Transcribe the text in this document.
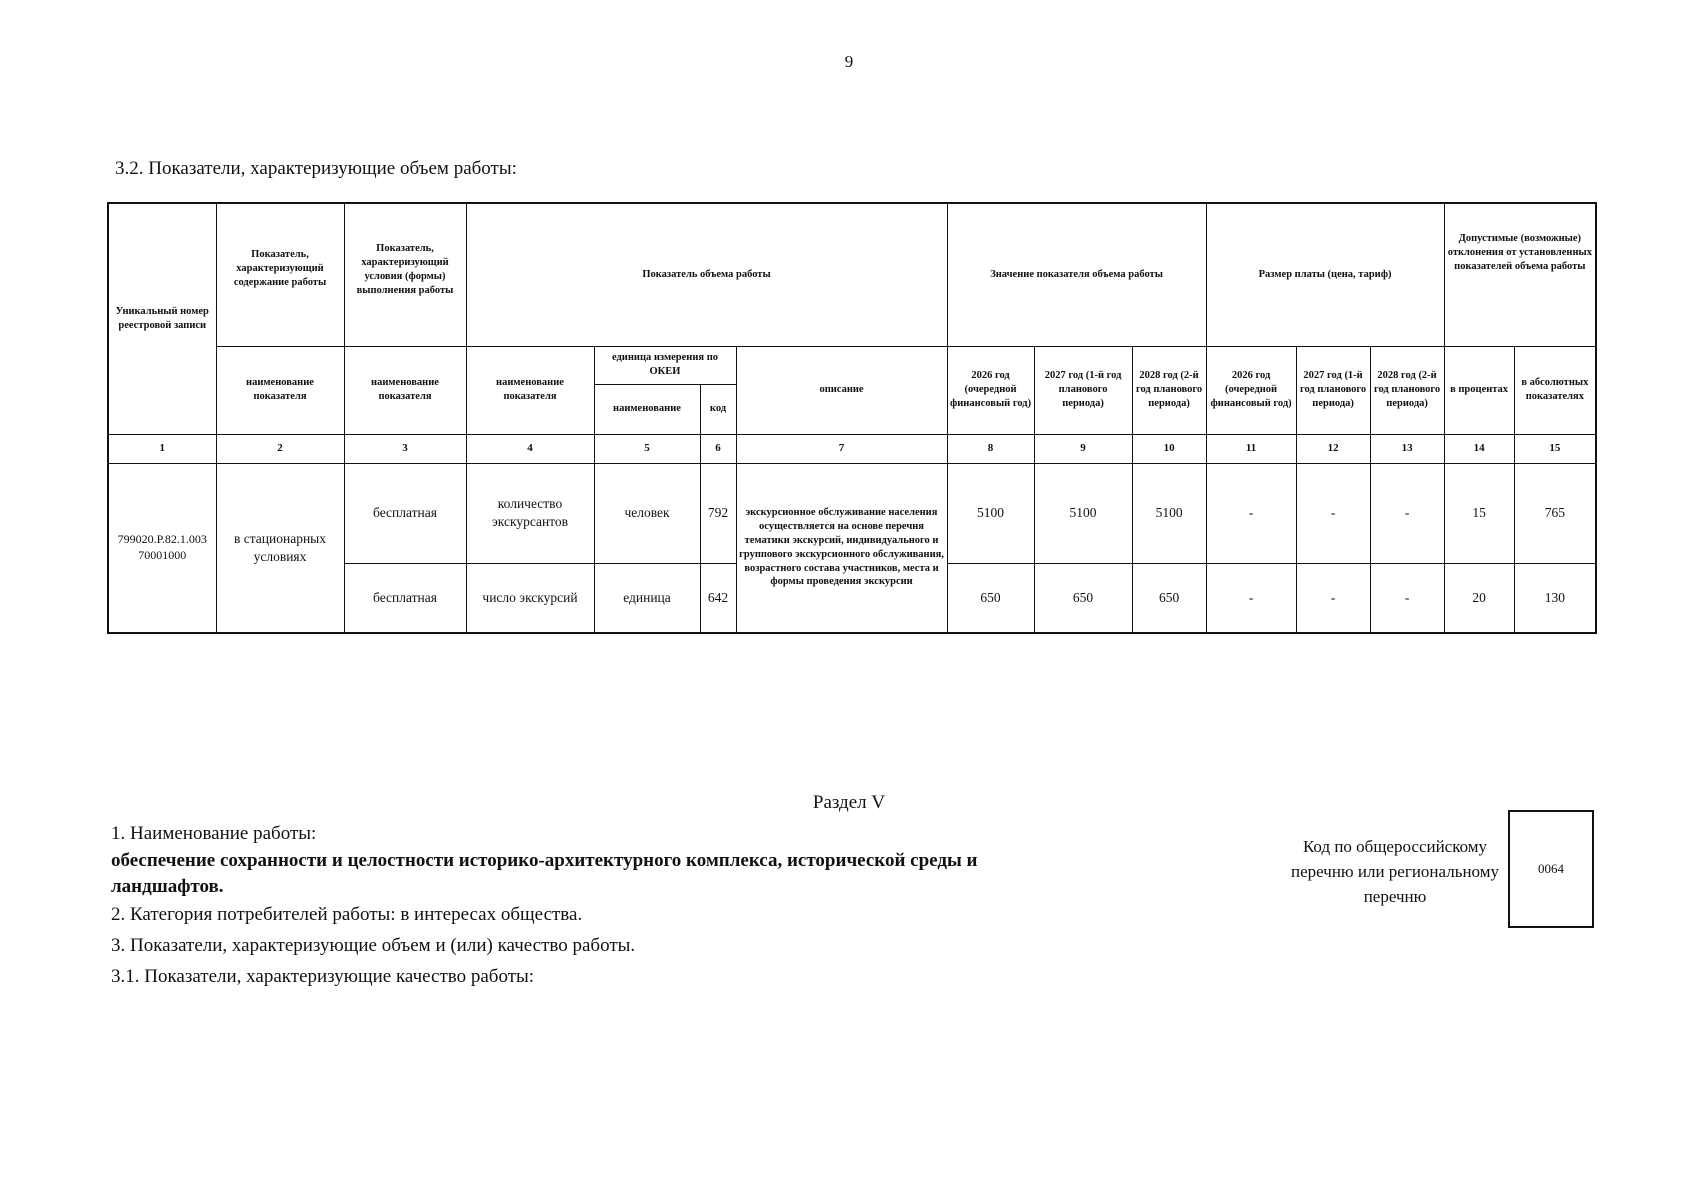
9
3.2. Показатели, характеризующие объем работы:
Уникальный номер реестровой записи	Показатель, характеризующий содержание работы	Показатель, характеризующий условия (формы) выполнения работы	Показатель объема работы				Значение показателя объема работы			Размер платы (цена, тариф)			Допустимые (возможные) отклонения от установленных показателей объема работы	
	наименование показателя	наименование показателя	наименование показателя	единица измерения по ОКЕИ		описание	2026 год (очередной финансовый год)	2027 год (1-й год планового периода)	2028 год (2-й год планового периода)	2026 год (очередной финансовый год)	2027 год (1-й год планового периода)	2028 год (2-й год планового периода)	в процентах	в абсолютных показателях
				наименование	код									
1	2	3	4	5	6	7	8	9	10	11	12	13	14	15
799020.Р.82.1.003 70001000	в стационарных условиях	бесплатная	количество экскурсантов	человек	792	экскурсионное обслуживание населения осуществляется на основе перечня тематики экскурсий, индивидуального и группового экскурсионного обслуживания, возрастного состава участников, места и формы проведения экскурсии	5100	5100	5100	-	-	-	15	765
		бесплатная	число экскурсий	единица	642		650	650	650	-	-	-	20	130
Раздел V
1. Наименование работы:
обеспечение сохранности и целостности историко-архитектурного комплекса, исторической среды и ландшафтов.
2. Категория потребителей работы: в интересах общества.
3. Показатели, характеризующие объем и (или) качество работы.
3.1. Показатели, характеризующие качество работы:
Код по общероссийскому перечню или региональному перечню
0064
